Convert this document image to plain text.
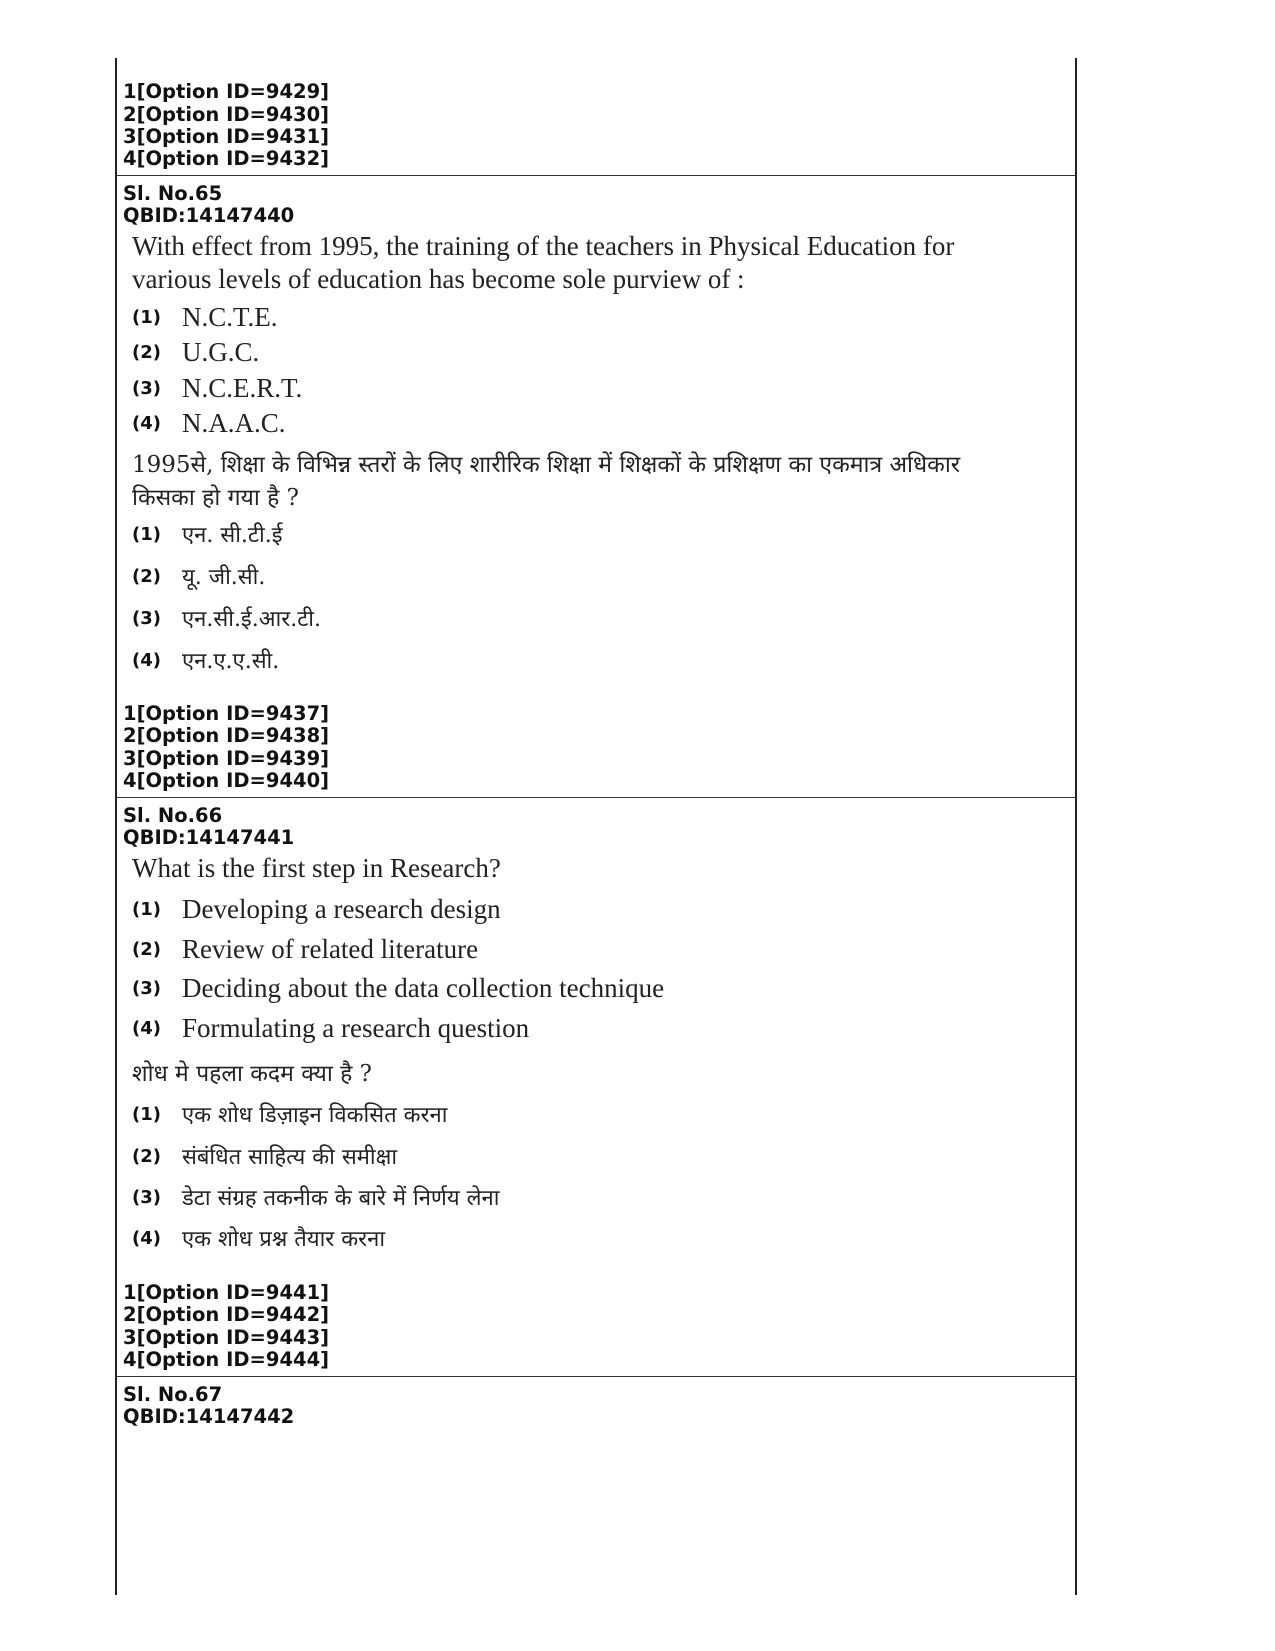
1[Option ID=9429]
2[Option ID=9430]
3[Option ID=9431]
4[Option ID=9432]
Sl. No.65
QBID:14147440
With effect from 1995, the training of the teachers in Physical Education for various levels of education has become sole purview of :
(1) N.C.T.E.
(2) U.G.C.
(3) N.C.E.R.T.
(4) N.A.A.C.
1995से, शिक्षा के विभिन्न स्तरों के लिए शारीरिक शिक्षा में शिक्षकों के प्रशिक्षण का एकमात्र अधिकार किसका हो गया है ?
(1) एन. सी.टी.ई
(2) यू. जी.सी.
(3) एन.सी.ई.आर.टी.
(4) एन.ए.ए.सी.
1[Option ID=9437]
2[Option ID=9438]
3[Option ID=9439]
4[Option ID=9440]
Sl. No.66
QBID:14147441
What is the first step in Research?
(1) Developing a research design
(2) Review of related literature
(3) Deciding about the data collection technique
(4) Formulating a research question
शोध मे पहला कदम क्या है ?
(1) एक शोध डिज़ाइन विकसित करना
(2) संबंधित साहित्य की समीक्षा
(3) डेटा संग्रह तकनीक के बारे में निर्णय लेना
(4) एक शोध प्रश्न तैयार करना
1[Option ID=9441]
2[Option ID=9442]
3[Option ID=9443]
4[Option ID=9444]
Sl. No.67
QBID:14147442
